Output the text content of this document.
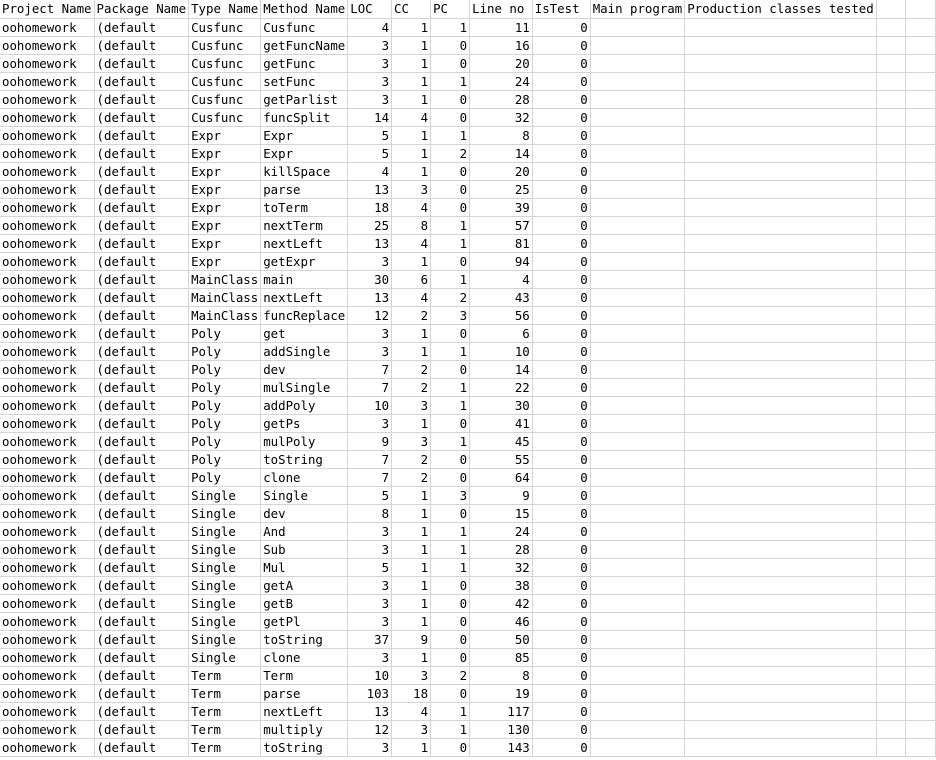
Project Name	Package Name	Type Name	Method Name	LOC	CC	PC	Line no	IsTest	Main program	Production classes tested		
oohomework	(default	Cusfunc	Cusfunc	4	1	1	11	0				
oohomework	(default	Cusfunc	getFuncName	3	1	0	16	0				
oohomework	(default	Cusfunc	getFunc	3	1	0	20	0				
oohomework	(default	Cusfunc	setFunc	3	1	1	24	0				
oohomework	(default	Cusfunc	getParlist	3	1	0	28	0				
oohomework	(default	Cusfunc	funcSplit	14	4	0	32	0				
oohomework	(default	Expr	Expr	5	1	1	8	0				
oohomework	(default	Expr	Expr	5	1	2	14	0				
oohomework	(default	Expr	killSpace	4	1	0	20	0				
oohomework	(default	Expr	parse	13	3	0	25	0				
oohomework	(default	Expr	toTerm	18	4	0	39	0				
oohomework	(default	Expr	nextTerm	25	8	1	57	0				
oohomework	(default	Expr	nextLeft	13	4	1	81	0				
oohomework	(default	Expr	getExpr	3	1	0	94	0				
oohomework	(default	MainClass	main	30	6	1	4	0				
oohomework	(default	MainClass	nextLeft	13	4	2	43	0				
oohomework	(default	MainClass	funcReplace	12	2	3	56	0				
oohomework	(default	Poly	get	3	1	0	6	0				
oohomework	(default	Poly	addSingle	3	1	1	10	0				
oohomework	(default	Poly	dev	7	2	0	14	0				
oohomework	(default	Poly	mulSingle	7	2	1	22	0				
oohomework	(default	Poly	addPoly	10	3	1	30	0				
oohomework	(default	Poly	getPs	3	1	0	41	0				
oohomework	(default	Poly	mulPoly	9	3	1	45	0				
oohomework	(default	Poly	toString	7	2	0	55	0				
oohomework	(default	Poly	clone	7	2	0	64	0				
oohomework	(default	Single	Single	5	1	3	9	0				
oohomework	(default	Single	dev	8	1	0	15	0				
oohomework	(default	Single	And	3	1	1	24	0				
oohomework	(default	Single	Sub	3	1	1	28	0				
oohomework	(default	Single	Mul	5	1	1	32	0				
oohomework	(default	Single	getA	3	1	0	38	0				
oohomework	(default	Single	getB	3	1	0	42	0				
oohomework	(default	Single	getPl	3	1	0	46	0				
oohomework	(default	Single	toString	37	9	0	50	0				
oohomework	(default	Single	clone	3	1	0	85	0				
oohomework	(default	Term	Term	10	3	2	8	0				
oohomework	(default	Term	parse	103	18	0	19	0				
oohomework	(default	Term	nextLeft	13	4	1	117	0				
oohomework	(default	Term	multiply	12	3	1	130	0				
oohomework	(default	Term	toString	3	1	0	143	0				
